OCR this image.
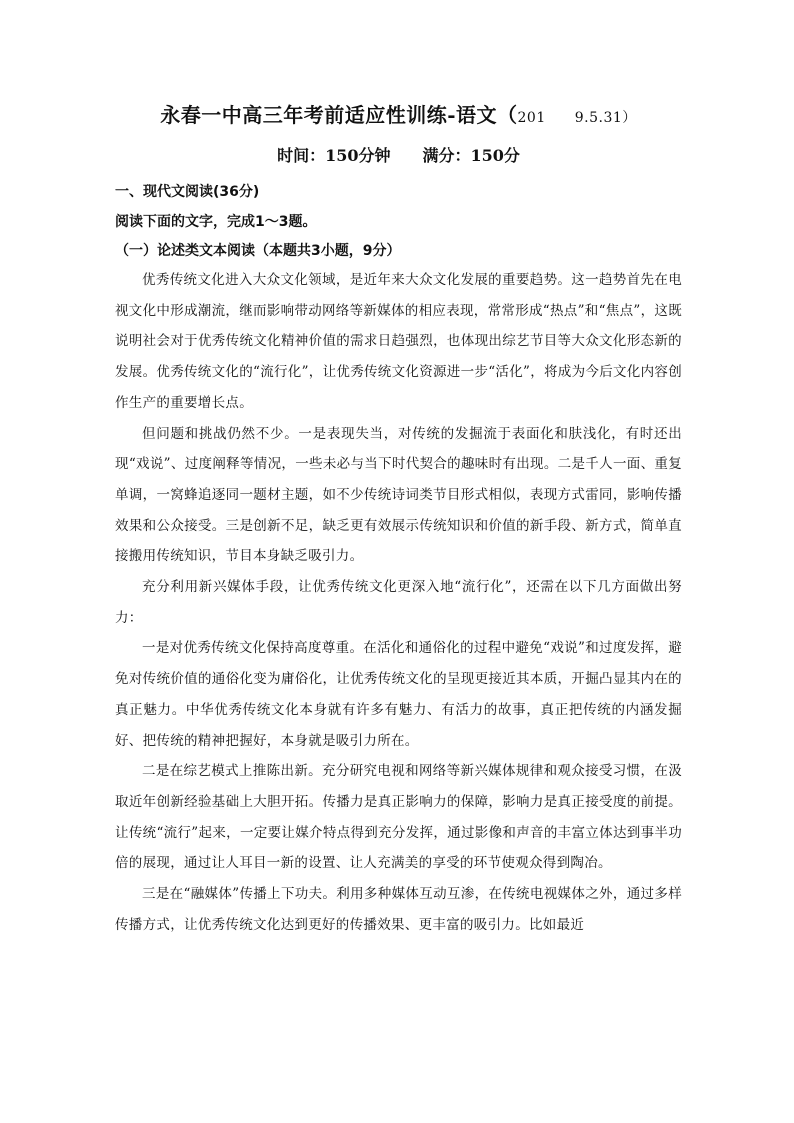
永春一中高三年考前适应性训练-语文（201　　9.5.31）
时间：150分钟　　满分：150分
一、现代文阅读(36分)
阅读下面的文字，完成1～3题。
（一）论述类文本阅读（本题共3小题，9分）

优秀传统文化进入大众文化领域，是近年来大众文化发展的重要趋势。这一趋势首先在电视文化中形成潮流，继而影响带动网络等新媒体的相应表现，常常形成“热点”和“焦点”，这既说明社会对于优秀传统文化精神价值的需求日趋强烈，也体现出综艺节目等大众文化形态新的发展。优秀传统文化的“流行化”，让优秀传统文化资源进一步“活化”，将成为今后文化内容创作生产的重要增长点。

但问题和挑战仍然不少。一是表现失当，对传统的发掘流于表面化和肤浅化，有时还出现“戏说”、过度阐释等情况，一些未必与当下时代契合的趣味时有出现。二是千人一面、重复单调，一窝蜂追逐同一题材主题，如不少传统诗词类节目形式相似，表现方式雷同，影响传播效果和公众接受。三是创新不足，缺乏更有效展示传统知识和价值的新手段、新方式，简单直接搬用传统知识，节目本身缺乏吸引力。

充分利用新兴媒体手段，让优秀传统文化更深入地“流行化”，还需在以下几方面做出努力：

一是对优秀传统文化保持高度尊重。在活化和通俗化的过程中避免“戏说”和过度发挥，避免对传统价值的通俗化变为庸俗化，让优秀传统文化的呈现更接近其本质，开掘凸显其内在的真正魅力。中华优秀传统文化本身就有许多有魅力、有活力的故事，真正把传统的内涵发掘好、把传统的精神把握好，本身就是吸引力所在。

二是在综艺模式上推陈出新。充分研究电视和网络等新兴媒体规律和观众接受习惯，在汲取近年创新经验基础上大胆开拓。传播力是真正影响力的保障，影响力是真正接受度的前提。让传统“流行”起来，一定要让媒介特点得到充分发挥，通过影像和声音的丰富立体达到事半功倍的展现，通过让人耳目一新的设置、让人充满美的享受的环节使观众得到陶冶。

三是在“融媒体”传播上下功夫。利用多种媒体互动互渗，在传统电视媒体之外，通过多样传播方式，让优秀传统文化达到更好的传播效果、更丰富的吸引力。比如最近
